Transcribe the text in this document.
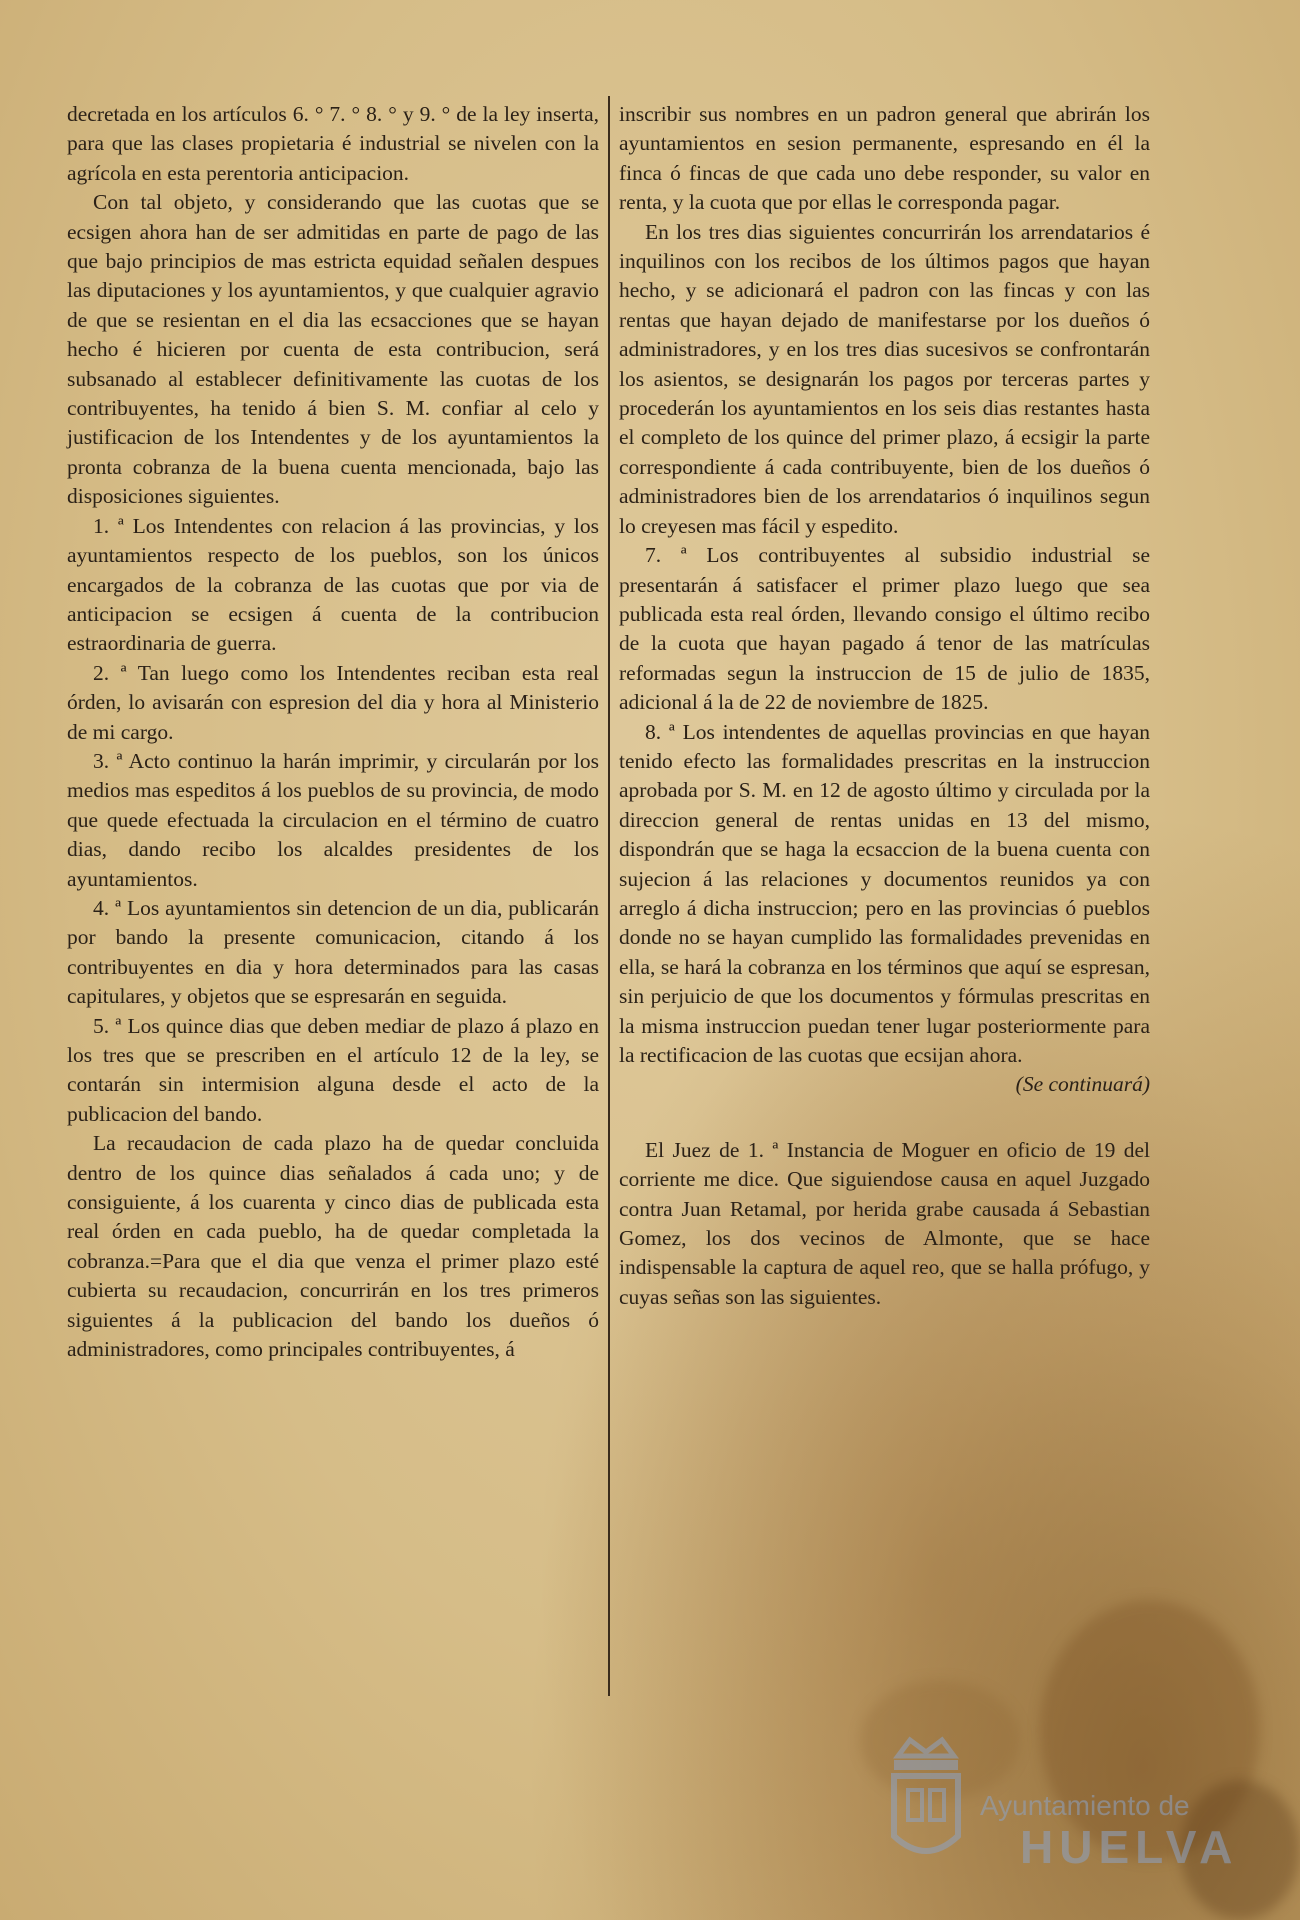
decretada en los artículos 6. ° 7. ° 8. ° y 9. ° de la ley inserta, para que las clases propietaria é industrial se nivelen con la agrícola en esta perentoria anticipacion.

Con tal objeto, y considerando que las cuotas que se ecsigen ahora han de ser admitidas en parte de pago de las que bajo principios de mas estricta equidad señalen despues las diputaciones y los ayuntamientos, y que cualquier agravio de que se resientan en el dia las ecsacciones que se hayan hecho é hicieren por cuenta de esta contribucion, será subsanado al establecer definitivamente las cuotas de los contribuyentes, ha tenido á bien S. M. confiar al celo y justificacion de los Intendentes y de los ayuntamientos la pronta cobranza de la buena cuenta mencionada, bajo las disposiciones siguientes.

1. ª Los Intendentes con relacion á las provincias, y los ayuntamientos respecto de los pueblos, son los únicos encargados de la cobranza de las cuotas que por via de anticipacion se ecsigen á cuenta de la contribucion estraordinaria de guerra.

2. ª Tan luego como los Intendentes reciban esta real órden, lo avisarán con espresion del dia y hora al Ministerio de mi cargo.

3. ª Acto continuo la harán imprimir, y circularán por los medios mas espeditos á los pueblos de su provincia, de modo que quede efectuada la circulacion en el término de cuatro dias, dando recibo los alcaldes presidentes de los ayuntamientos.

4. ª Los ayuntamientos sin detencion de un dia, publicarán por bando la presente comunicacion, citando á los contribuyentes en dia y hora determinados para las casas capitulares, y objetos que se espresarán en seguida.

5. ª Los quince dias que deben mediar de plazo á plazo en los tres que se prescriben en el artículo 12 de la ley, se contarán sin intermision alguna desde el acto de la publicacion del bando.

La recaudacion de cada plazo ha de quedar concluida dentro de los quince dias señalados á cada uno; y de consiguiente, á los cuarenta y cinco dias de publicada esta real órden en cada pueblo, ha de quedar completada la cobranza.=Para que el dia que venza el primer plazo esté cubierta su recaudacion, concurrirán en los tres primeros siguientes á la publicacion del bando los dueños ó administradores, como principales contribuyentes, á

inscribir sus nombres en un padron general que abrirán los ayuntamientos en sesion permanente, espresando en él la finca ó fincas de que cada uno debe responder, su valor en renta, y la cuota que por ellas le corresponda pagar.

En los tres dias siguientes concurrirán los arrendatarios é inquilinos con los recibos de los últimos pagos que hayan hecho, y se adicionará el padron con las fincas y con las rentas que hayan dejado de manifestarse por los dueños ó administradores, y en los tres dias sucesivos se confrontarán los asientos, se designarán los pagos por terceras partes y procederán los ayuntamientos en los seis dias restantes hasta el completo de los quince del primer plazo, á ecsigir la parte correspondiente á cada contribuyente, bien de los dueños ó administradores bien de los arrendatarios ó inquilinos segun lo creyesen mas fácil y espedito.

7. ª Los contribuyentes al subsidio industrial se presentarán á satisfacer el primer plazo luego que sea publicada esta real órden, llevando consigo el último recibo de la cuota que hayan pagado á tenor de las matrículas reformadas segun la instruccion de 15 de julio de 1835, adicional á la de 22 de noviembre de 1825.

8. ª Los intendentes de aquellas provincias en que hayan tenido efecto las formalidades prescritas en la instruccion aprobada por S. M. en 12 de agosto último y circulada por la direccion general de rentas unidas en 13 del mismo, dispondrán que se haga la ecsaccion de la buena cuenta con sujecion á las relaciones y documentos reunidos ya con arreglo á dicha instruccion; pero en las provincias ó pueblos donde no se hayan cumplido las formalidades prevenidas en ella, se hará la cobranza en los términos que aquí se espresan, sin perjuicio de que los documentos y fórmulas prescritas en la misma instruccion puedan tener lugar posteriormente para la rectificacion de las cuotas que ecsijan ahora.

(Se continuará)

El Juez de 1. ª Instancia de Moguer en oficio de 19 del corriente me dice. Que siguiendose causa en aquel Juzgado contra Juan Retamal, por herida grabe causada á Sebastian Gomez, los dos vecinos de Almonte, que se hace indispensable la captura de aquel reo, que se halla prófugo, y cuyas señas son las siguientes.

Ayuntamiento de
HUELVA
